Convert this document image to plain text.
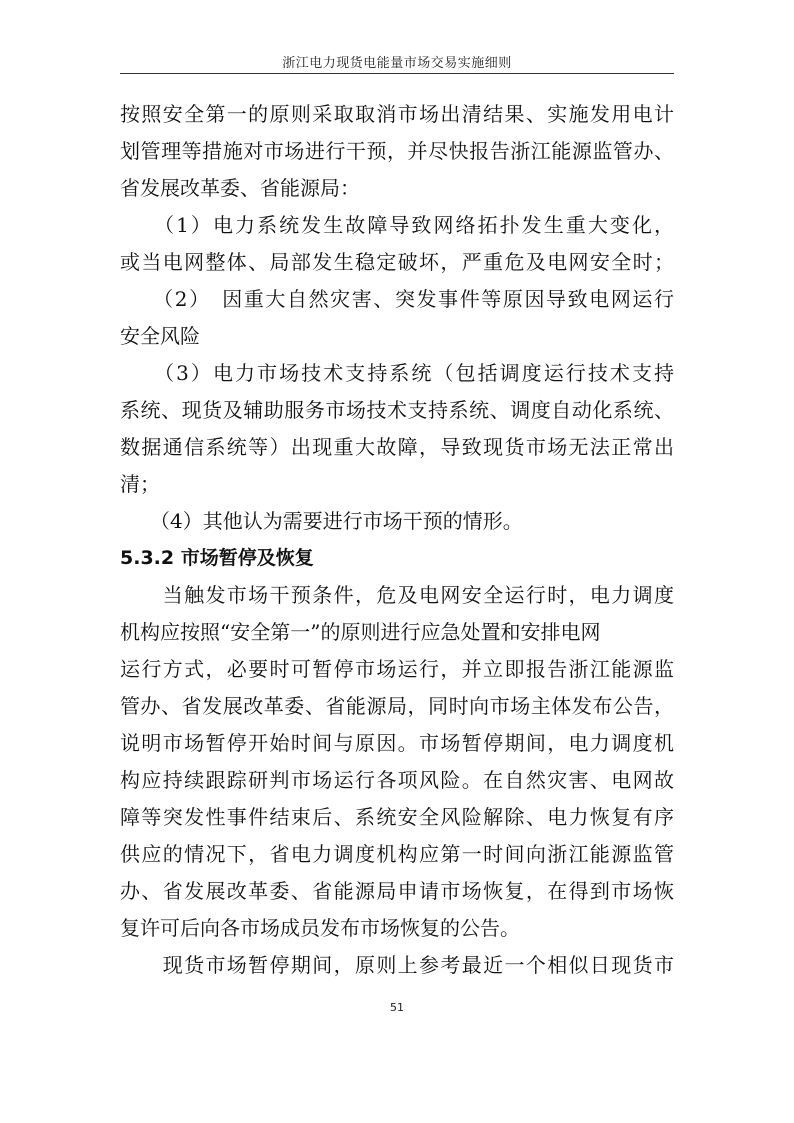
浙江电力现货电能量市场交易实施细则
按照安全第一的原则采取取消市场出清结果、实施发用电计
划管理等措施对市场进行干预，并尽快报告浙江能源监管办、
省发展改革委、省能源局：
　　（1）电力系统发生故障导致网络拓扑发生重大变化，
或当电网整体、局部发生稳定破坏，严重危及电网安全时；
　　（2）　因重大自然灾害、突发事件等原因导致电网运行
安全风险
　　（3）电力市场技术支持系统（包括调度运行技术支持
系统、现货及辅助服务市场技术支持系统、调度自动化系统、
数据通信系统等）出现重大故障，导致现货市场无法正常出
清；
　　（4）其他认为需要进行市场干预的情形。
5.3.2 市场暂停及恢复
　　当触发市场干预条件，危及电网安全运行时，电力调度
机构应按照“安全第一”的原则进行应急处置和安排电网
运行方式，必要时可暂停市场运行，并立即报告浙江能源监
管办、省发展改革委、省能源局，同时向市场主体发布公告，
说明市场暂停开始时间与原因。市场暂停期间，电力调度机
构应持续跟踪研判市场运行各项风险。在自然灾害、电网故
障等突发性事件结束后、系统安全风险解除、电力恢复有序
供应的情况下，省电力调度机构应第一时间向浙江能源监管
办、省发展改革委、省能源局申请市场恢复，在得到市场恢
复许可后向各市场成员发布市场恢复的公告。
　　现货市场暂停期间，原则上参考最近一个相似日现货市
51
